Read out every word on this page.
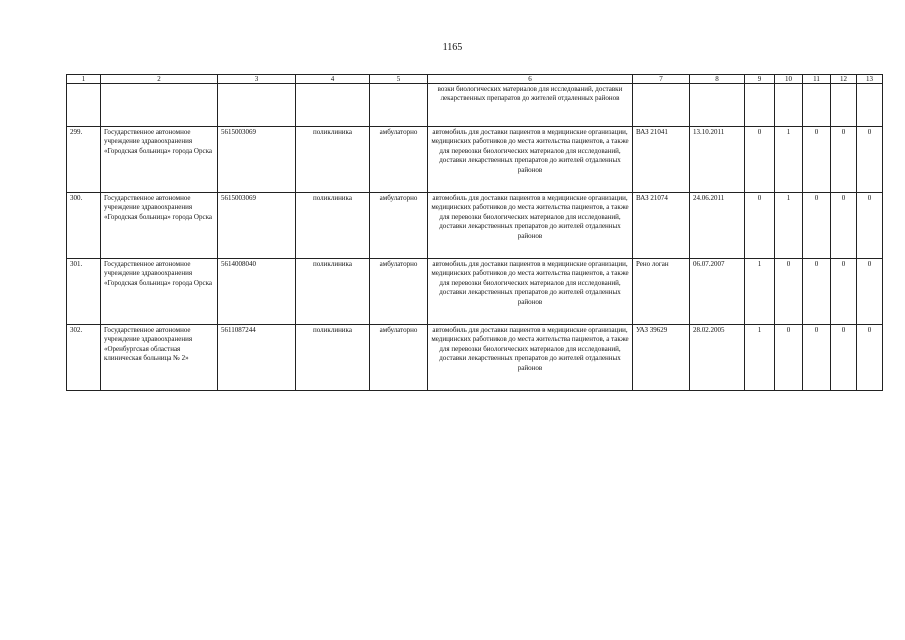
1165
1	2	3	4	5	6	7	8	9	10	11	12	13
					возки биологических материалов для исследований, доставки лекарственных препаратов до жителей отдаленных районов							
299.	Государственное автономное учреждение здравоохранения «Городская больница» города Орска	5615003069	поликлиника	амбулаторно	автомобиль для доставки пациентов в медицинские организации, медицинских работников до места жительства пациентов, а также для перевозки биологических материалов для исследований, доставки лекарственных препаратов до жителей отдаленных районов	ВАЗ 21041	13.10.2011	0	1	0	0	0
300.	Государственное автономное учреждение здравоохранения «Городская больница» города Орска	5615003069	поликлиника	амбулаторно	автомобиль для доставки пациентов в медицинские организации, медицинских работников до места жительства пациентов, а также для перевозки биологических материалов для исследований, доставки лекарственных препаратов до жителей отдаленных районов	ВАЗ 21074	24.06.2011	0	1	0	0	0
301.	Государственное автономное учреждение здравоохранения «Городская больница» города Орска	5614008040	поликлиника	амбулаторно	автомобиль для доставки пациентов в медицинские организации, медицинских работников до места жительства пациентов, а также для перевозки биологических материалов для исследований, доставки лекарственных препаратов до жителей отдаленных районов	Рено логан	06.07.2007	1	0	0	0	0
302.	Государственное автономное учреждение здравоохранения «Оренбургская областная клиническая больница № 2»	5611087244	поликлиника	амбулаторно	автомобиль для доставки пациентов в медицинские организации, медицинских работников до места жительства пациентов, а также для перевозки биологических материалов для исследований, доставки лекарственных препаратов до жителей отдаленных районов	УАЗ 39629	28.02.2005	1	0	0	0	0
